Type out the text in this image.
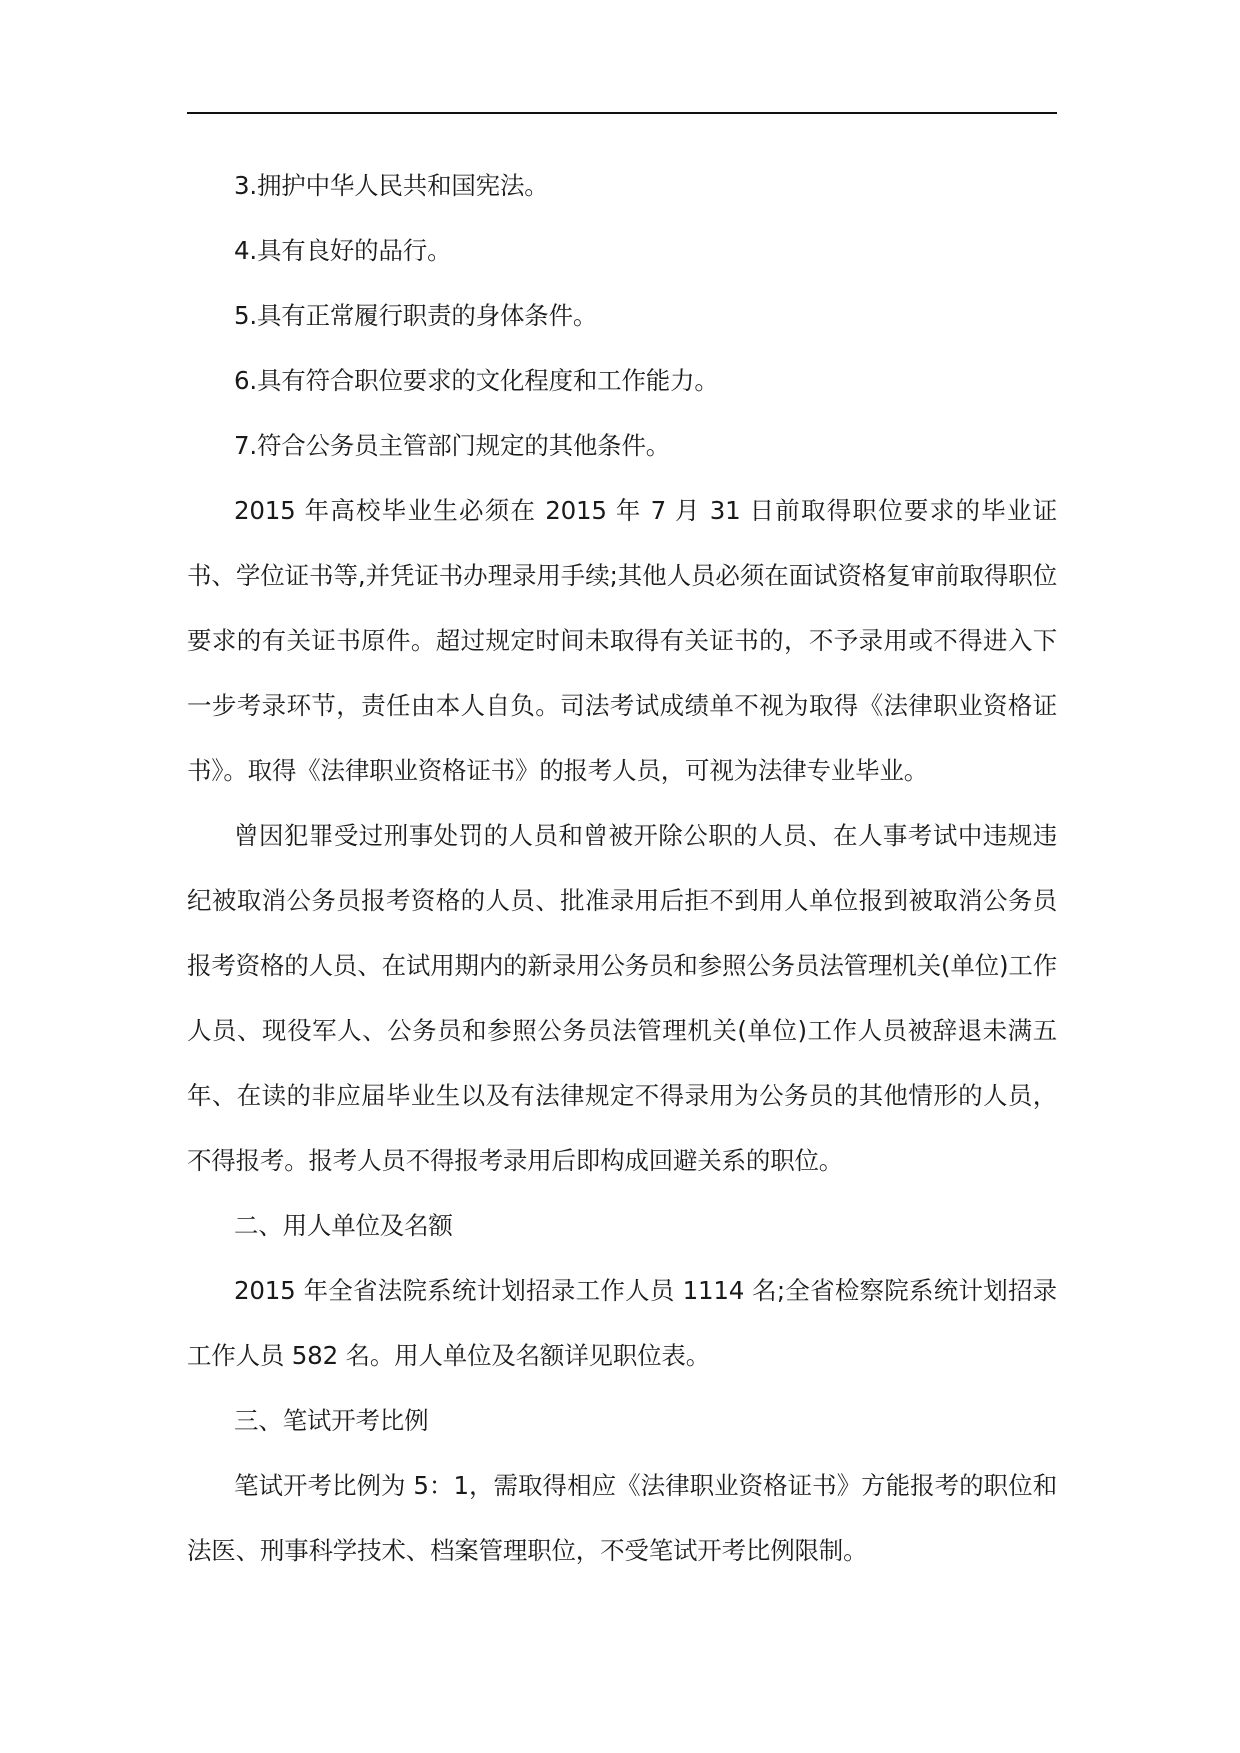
3.拥护中华人民共和国宪法。

4.具有良好的品行。

5.具有正常履行职责的身体条件。

6.具有符合职位要求的文化程度和工作能力。

7.符合公务员主管部门规定的其他条件。

2015 年高校毕业生必须在 2015 年 7 月 31 日前取得职位要求的毕业证书、学位证书等,并凭证书办理录用手续;其他人员必须在面试资格复审前取得职位要求的有关证书原件。超过规定时间未取得有关证书的，不予录用或不得进入下一步考录环节，责任由本人自负。司法考试成绩单不视为取得《法律职业资格证书》。取得《法律职业资格证书》的报考人员，可视为法律专业毕业。

曾因犯罪受过刑事处罚的人员和曾被开除公职的人员、在人事考试中违规违纪被取消公务员报考资格的人员、批准录用后拒不到用人单位报到被取消公务员报考资格的人员、在试用期内的新录用公务员和参照公务员法管理机关(单位)工作人员、现役军人、公务员和参照公务员法管理机关(单位)工作人员被辞退未满五年、在读的非应届毕业生以及有法律规定不得录用为公务员的其他情形的人员，不得报考。报考人员不得报考录用后即构成回避关系的职位。

二、用人单位及名额

2015 年全省法院系统计划招录工作人员 1114 名;全省检察院系统计划招录工作人员 582 名。用人单位及名额详见职位表。

三、笔试开考比例

笔试开考比例为 5：1，需取得相应《法律职业资格证书》方能报考的职位和法医、刑事科学技术、档案管理职位，不受笔试开考比例限制。
